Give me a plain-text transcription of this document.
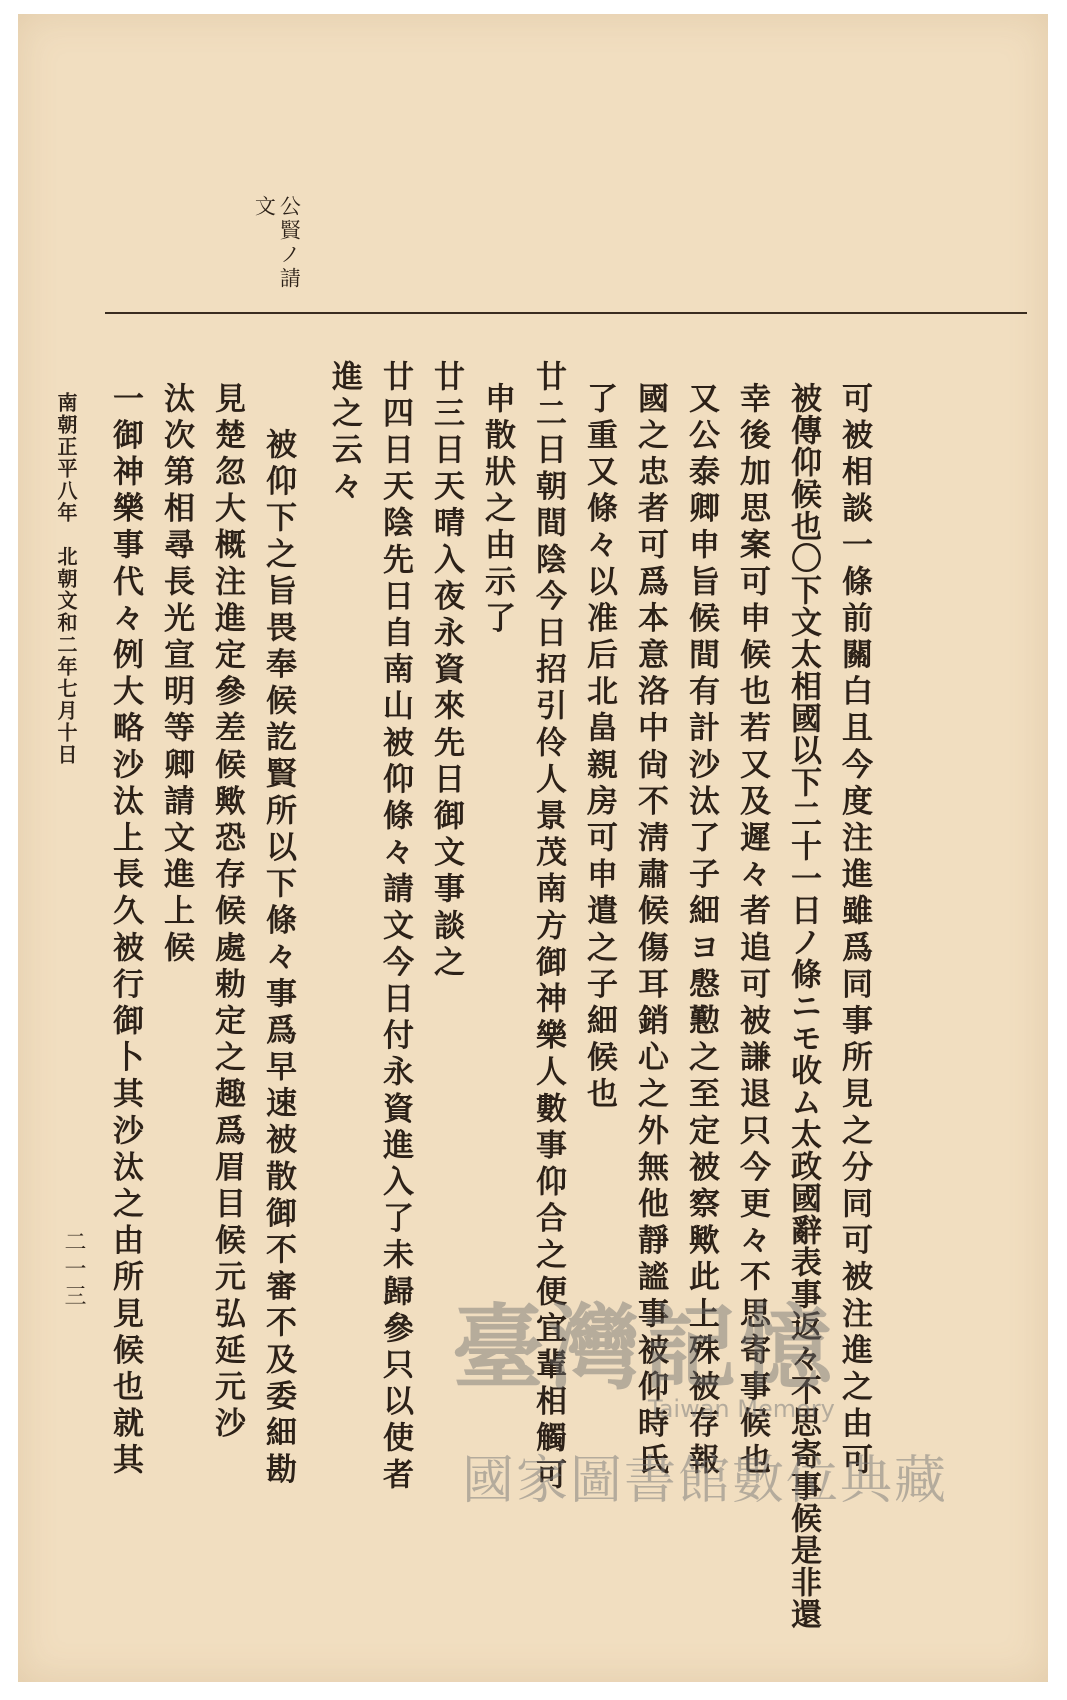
公賢ノ請
文
可被相談一條前關白且今度注進雖爲同事所見之分同可被注進之由可
被傳仰候也〇下文太相國以下二十一日ノ條ニモ收ム太政國辭表事返々不思寄事候是非還
幸後加思案可申候也若又及遲々者追可被謙退只今更々不思寄事候也
又公泰卿申旨候間有計沙汰了子細ヨ慇懃之至定被察歟此上殊被存報
國之忠者可爲本意洛中尙不淸肅候傷耳銷心之外無他靜謐事被仰時氏
了重又條々以准后北畠親房可申遣之子細候也
廿二日朝間陰今日招引伶人景茂南方御神樂人數事仰合之便宜輩相觸可
申散狀之由示了
廿三日天晴入夜永資來先日御文事談之
廿四日天陰先日自南山被仰條々請文今日付永資進入了未歸參只以使者
進之云々
被仰下之旨畏奉候訖賢所以下條々事爲早速被散御不審不及委細勘
見楚忽大概注進定參差候歟恐存候處勅定之趣爲眉目候元弘延元沙
汰次第相尋長光宣明等卿請文進上候
一御神樂事代々例大略沙汰上長久被行御卜其沙汰之由所見候也就其
南朝正平八年　北朝文和二年七月十日
二一三
臺灣記憶
Taiwan Memory
國家圖書館數位典藏
